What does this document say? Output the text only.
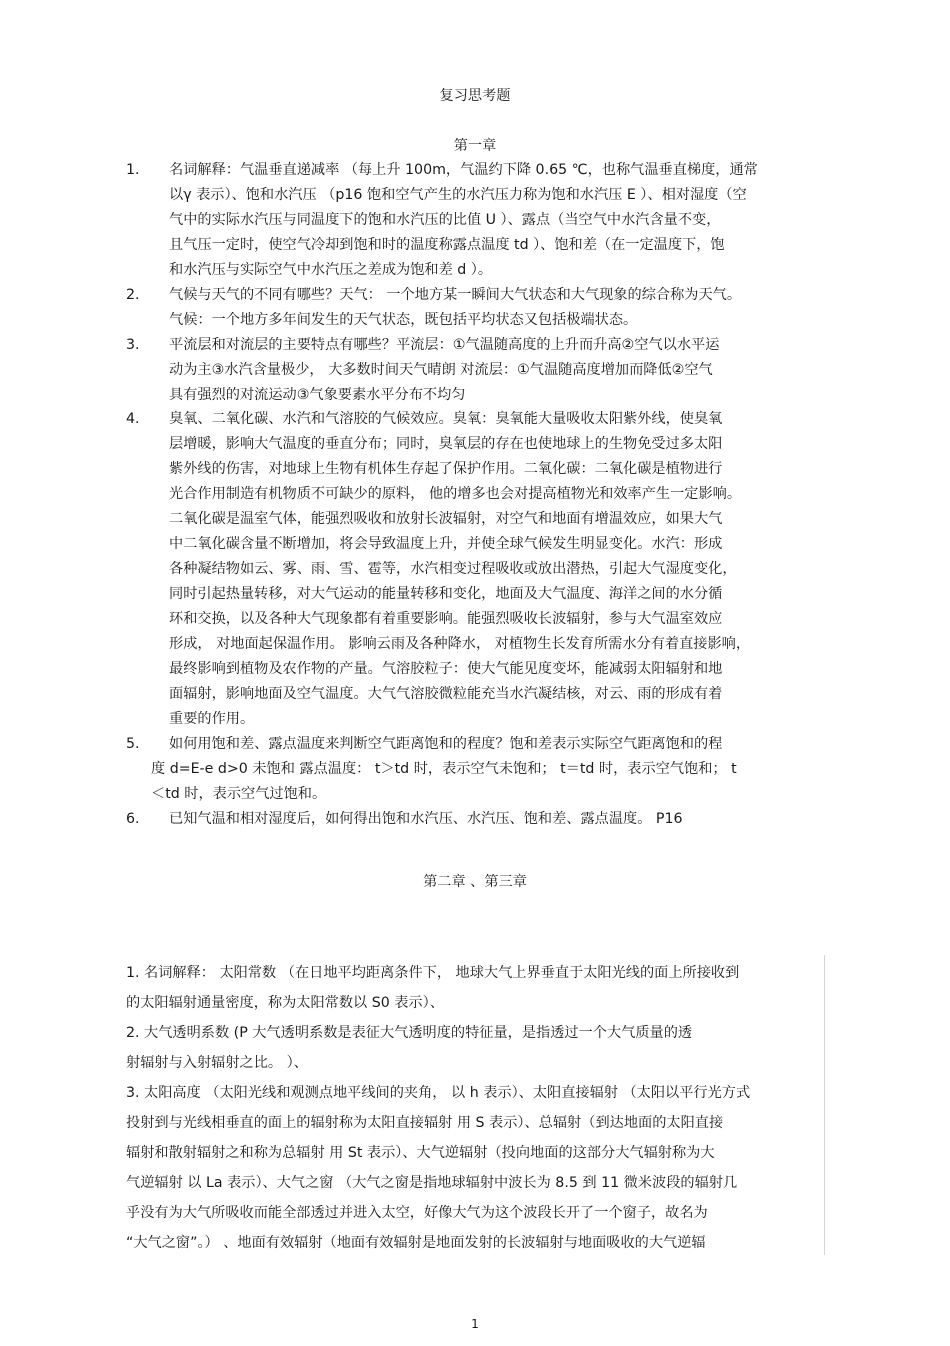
复习思考题

第一章

1. 名词解释：气温垂直递减率 （每上升 100m，气温约下降 0.65 ℃，也称气温垂直梯度，通常

以γ 表示）、饱和水汽压 （p16 饱和空气产生的水汽压力称为饱和水汽压 E ）、相对湿度（空

气中的实际水汽压与同温度下的饱和水汽压的比值 U ）、露点（当空气中水汽含量不变，

且气压一定时，使空气冷却到饱和时的温度称露点温度 td ）、饱和差（在一定温度下，饱

和水汽压与实际空气中水汽压之差成为饱和差 d ）。

2. 气候与天气的不同有哪些？天气： 一个地方某一瞬间大气状态和大气现象的综合称为天气。

气候：一个地方多年间发生的天气状态，既包括平均状态又包括极端状态。

3. 平流层和对流层的主要特点有哪些？平流层：①气温随高度的上升而升高②空气以水平运

动为主③水汽含量极少， 大多数时间天气晴朗 对流层：①气温随高度增加而降低②空气

具有强烈的对流运动③气象要素水平分布不均匀

4. 臭氧、二氧化碳、水汽和气溶胶的气候效应。臭氧：臭氧能大量吸收太阳紫外线，使臭氧

层增暖，影响大气温度的垂直分布；同时，臭氧层的存在也使地球上的生物免受过多太阳

紫外线的伤害，对地球上生物有机体生存起了保护作用。二氧化碳：二氧化碳是植物进行

光合作用制造有机物质不可缺少的原料， 他的增多也会对提高植物光和效率产生一定影响。

二氧化碳是温室气体，能强烈吸收和放射长波辐射，对空气和地面有增温效应，如果大气

中二氧化碳含量不断增加，将会导致温度上升，并使全球气候发生明显变化。水汽：形成

各种凝结物如云、雾、雨、雪、雹等，水汽相变过程吸收或放出潜热，引起大气湿度变化，

同时引起热量转移，对大气运动的能量转移和变化，地面及大气温度、海洋之间的水分循

环和交换，以及各种大气现象都有着重要影响。能强烈吸收长波辐射，参与大气温室效应

形成， 对地面起保温作用。 影响云雨及各种降水， 对植物生长发育所需水分有着直接影响，

最终影响到植物及农作物的产量。气溶胶粒子：使大气能见度变坏，能减弱太阳辐射和地

面辐射，影响地面及空气温度。大气气溶胶微粒能充当水汽凝结核，对云、雨的形成有着

重要的作用。

5. 如何用饱和差、露点温度来判断空气距离饱和的程度？饱和差表示实际空气距离饱和的程

度 d=E-e d>0 未饱和 露点温度： t＞td 时，表示空气未饱和； t＝td 时，表示空气饱和； t

＜td 时，表示空气过饱和。

6. 已知气温和相对湿度后，如何得出饱和水汽压、水汽压、饱和差、露点温度。 P16

第二章 、第三章

1. 名词解释： 太阳常数 （在日地平均距离条件下， 地球大气上界垂直于太阳光线的面上所接收到

的太阳辐射通量密度，称为太阳常数以 S0 表示）、

2. 大气透明系数 (P 大气透明系数是表征大气透明度的特征量，是指透过一个大气质量的透

射辐射与入射辐射之比。 ）、

3. 太阳高度 （太阳光线和观测点地平线间的夹角， 以 h 表示）、太阳直接辐射 （太阳以平行光方式

投射到与光线相垂直的面上的辐射称为太阳直接辐射 用 S 表示）、总辐射（到达地面的太阳直接

辐射和散射辐射之和称为总辐射 用 St 表示）、大气逆辐射（投向地面的这部分大气辐射称为大

气逆辐射 以 La 表示）、大气之窗 （大气之窗是指地球辐射中波长为 8.5 到 11 微米波段的辐射几

乎没有为大气所吸收而能全部透过并进入太空，好像大气为这个波段长开了一个窗子，故名为

“大气之窗”。） 、地面有效辐射（地面有效辐射是地面发射的长波辐射与地面吸收的大气逆辐

1
